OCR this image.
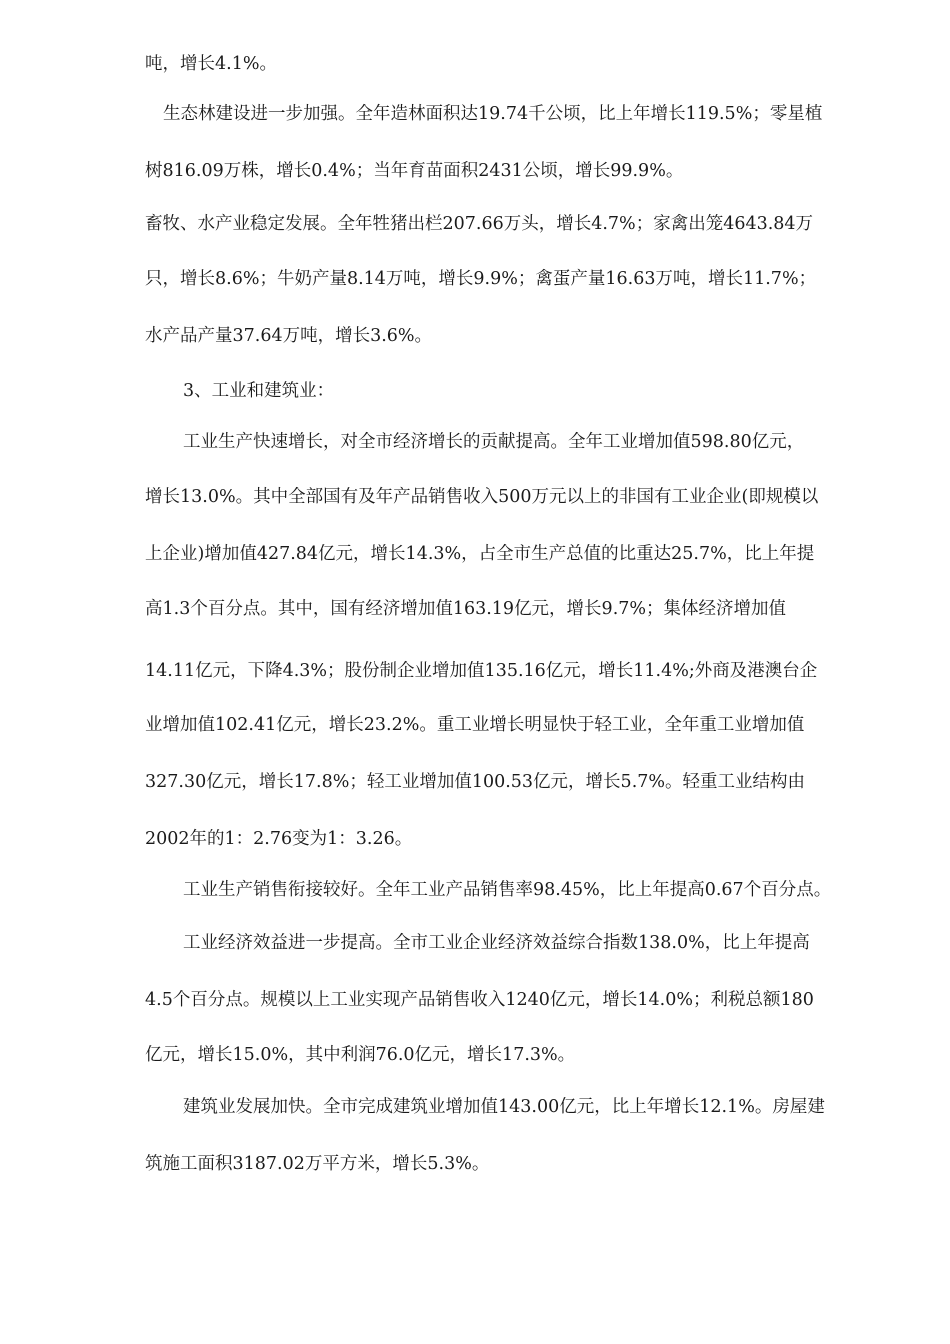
吨，增长4.1%。
生态林建设进一步加强。全年造林面积达19.74千公顷，比上年增长119.5%；零星植
树816.09万株，增长0.4%；当年育苗面积2431公顷，增长99.9%。
畜牧、水产业稳定发展。全年牲猪出栏207.66万头，增长4.7%；家禽出笼4643.84万
只，增长8.6%；牛奶产量8.14万吨，增长9.9%；禽蛋产量16.63万吨，增长11.7%；
水产品产量37.64万吨，增长3.6%。
3、工业和建筑业：
工业生产快速增长，对全市经济增长的贡献提高。全年工业增加值598.80亿元，
增长13.0%。其中全部国有及年产品销售收入500万元以上的非国有工业企业(即规模以
上企业)增加值427.84亿元，增长14.3%，占全市生产总值的比重达25.7%，比上年提
高1.3个百分点。其中，国有经济增加值163.19亿元，增长9.7%；集体经济增加值
14.11亿元，下降4.3%；股份制企业增加值135.16亿元，增长11.4%;外商及港澳台企
业增加值102.41亿元，增长23.2%。重工业增长明显快于轻工业，全年重工业增加值
327.30亿元，增长17.8%；轻工业增加值100.53亿元，增长5.7%。轻重工业结构由
2002年的1：2.76变为1：3.26。
工业生产销售衔接较好。全年工业产品销售率98.45%，比上年提高0.67个百分点。
工业经济效益进一步提高。全市工业企业经济效益综合指数138.0%，比上年提高
4.5个百分点。规模以上工业实现产品销售收入1240亿元，增长14.0%；利税总额180
亿元，增长15.0%，其中利润76.0亿元，增长17.3%。
建筑业发展加快。全市完成建筑业增加值143.00亿元，比上年增长12.1%。房屋建
筑施工面积3187.02万平方米，增长5.3%。
